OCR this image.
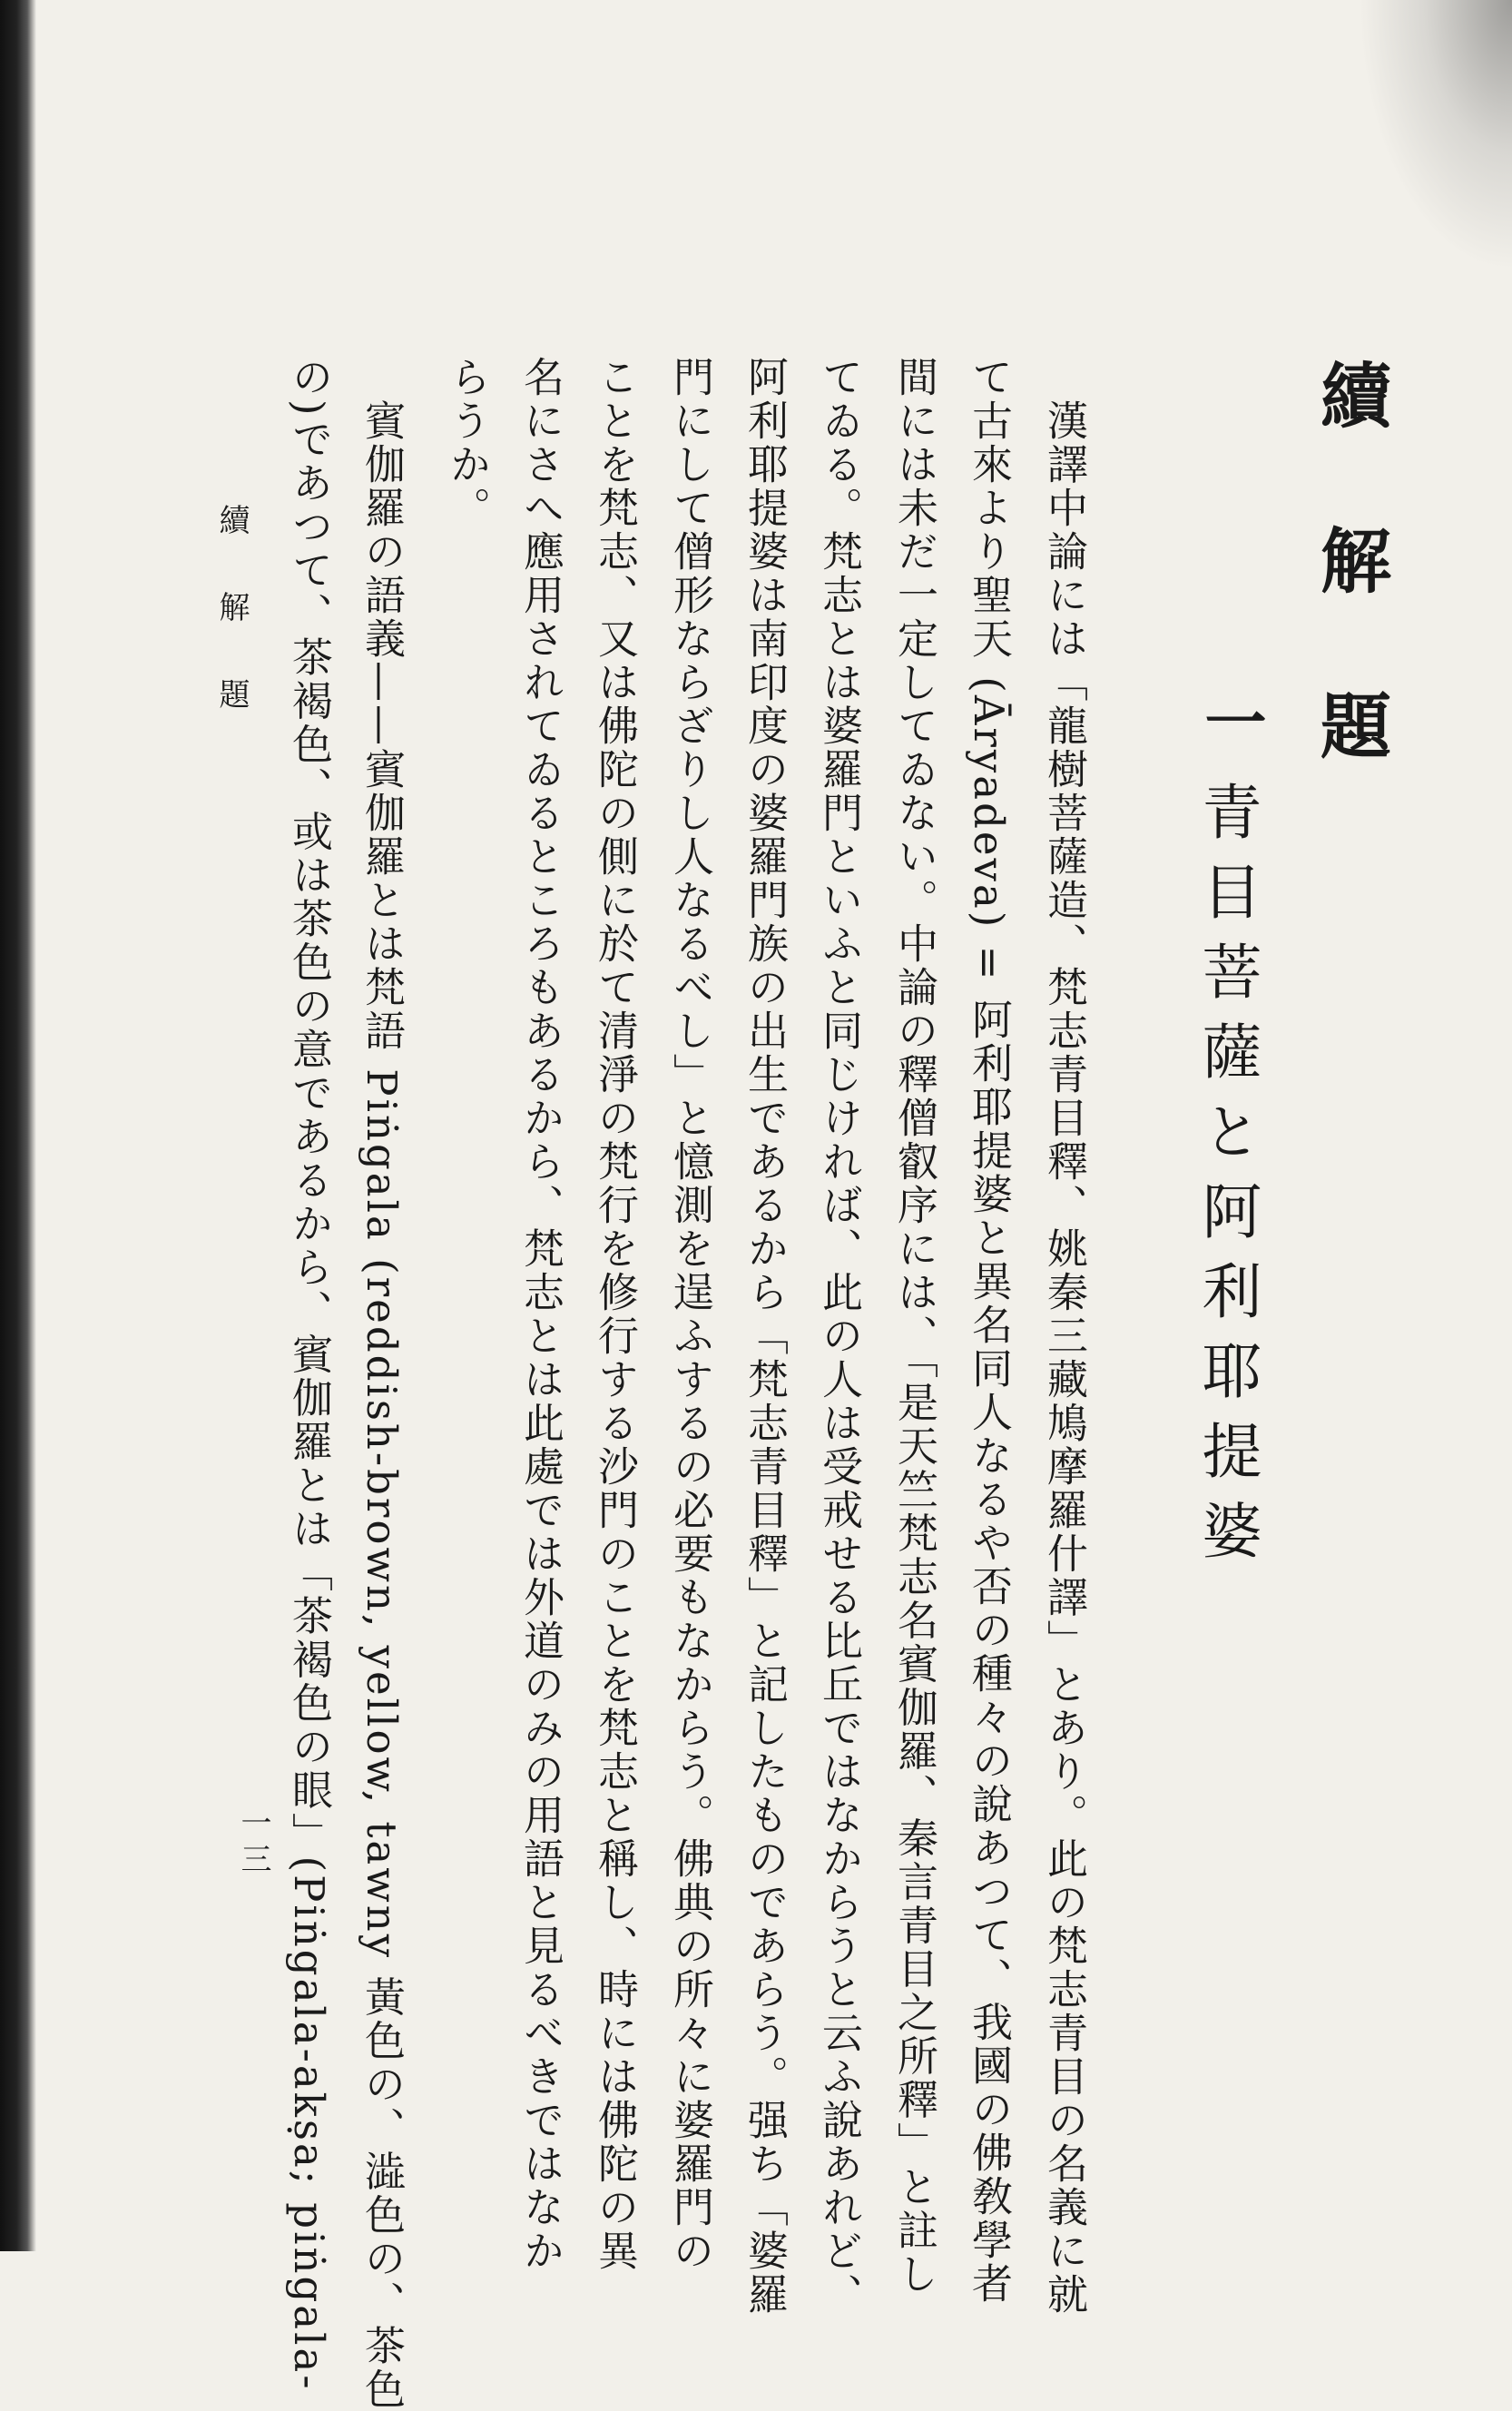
續解題
一
青目菩薩と阿利耶提婆
漢譯中論には「龍樹菩薩造、梵志青目釋、姚秦三藏鳩摩羅什譯」とあり。此の梵志青目の名義に就
て古來より聖天 (Āryadeva) = 阿利耶提婆と異名同人なるや否の種々の說あつて、我國の佛敎學者
間には未だ一定してゐない。中論の釋僧叡序には、「是天竺梵志名賓伽羅、秦言青目之所釋」と註し
てゐる。梵志とは婆羅門といふと同じければ、此の人は受戒せる比丘ではなからうと云ふ說あれど、
阿利耶提婆は南印度の婆羅門族の出生であるから「梵志青目釋」と記したものであらう。强ち「婆羅
門にして僧形ならざりし人なるべし」と憶測を逞ふするの必要もなからう。佛典の所々に婆羅門の
ことを梵志、又は佛陀の側に於て清淨の梵行を修行する沙門のことを梵志と稱し、時には佛陀の異
名にさへ應用されてゐるところもあるから、梵志とは此處では外道のみの用語と見るべきではなか
らうか。
　賓伽羅の語義——賓伽羅とは梵語 Piṅgala (reddish-brown, yellow, tawny 黃色の、澁色の、茶色
の)であつて、茶褐色、或は茶色の意であるから、賓伽羅とは「茶褐色の眼」(Piṅgala-akṣa; piṅgala-
續解題
一三
